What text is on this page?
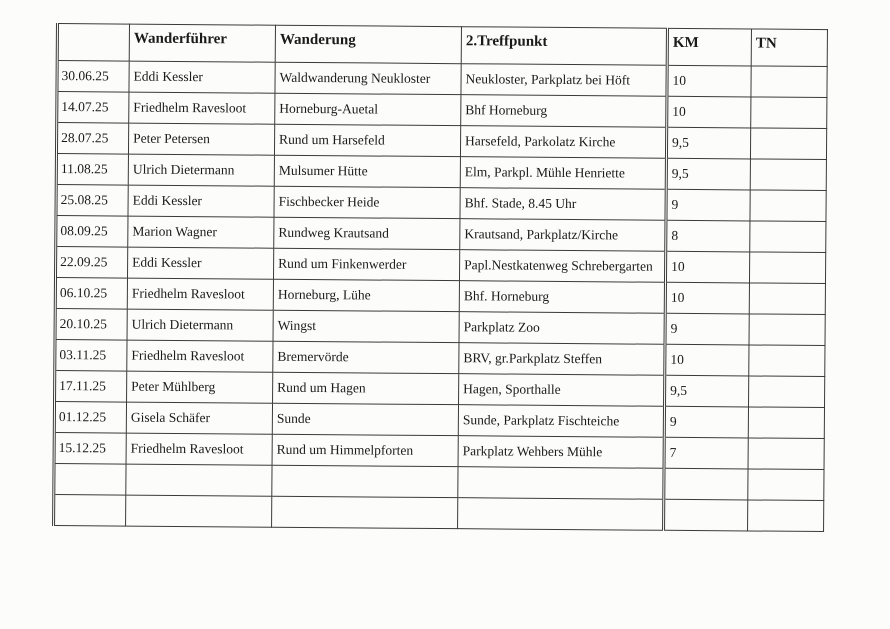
	Wanderführer	Wanderung	2.Treffpunkt	KM	TN
30.06.25	Eddi Kessler	Waldwanderung Neukloster	Neukloster, Parkplatz bei Höft	10	
14.07.25	Friedhelm Ravesloot	Horneburg-Auetal	Bhf Horneburg	10	
28.07.25	Peter Petersen	Rund um Harsefeld	Harsefeld, Parkolatz Kirche	9,5	
11.08.25	Ulrich Dietermann	Mulsumer Hütte	Elm, Parkpl. Mühle Henriette	9,5	
25.08.25	Eddi Kessler	Fischbecker Heide	Bhf. Stade, 8.45 Uhr	9	
08.09.25	Marion Wagner	Rundweg Krautsand	Krautsand, Parkplatz/Kirche	8	
22.09.25	Eddi Kessler	Rund um Finkenwerder	Papl.Nestkatenweg Schrebergarten	10	
06.10.25	Friedhelm Ravesloot	Horneburg, Lühe	Bhf. Horneburg	10	
20.10.25	Ulrich Dietermann	Wingst	Parkplatz Zoo	9	
03.11.25	Friedhelm Ravesloot	Bremervörde	BRV, gr.Parkplatz Steffen	10	
17.11.25	Peter Mühlberg	Rund um Hagen	Hagen, Sporthalle	9,5	
01.12.25	Gisela Schäfer	Sunde	Sunde, Parkplatz Fischteiche	9	
15.12.25	Friedhelm Ravesloot	Rund um Himmelpforten	Parkplatz Wehbers Mühle	7	
